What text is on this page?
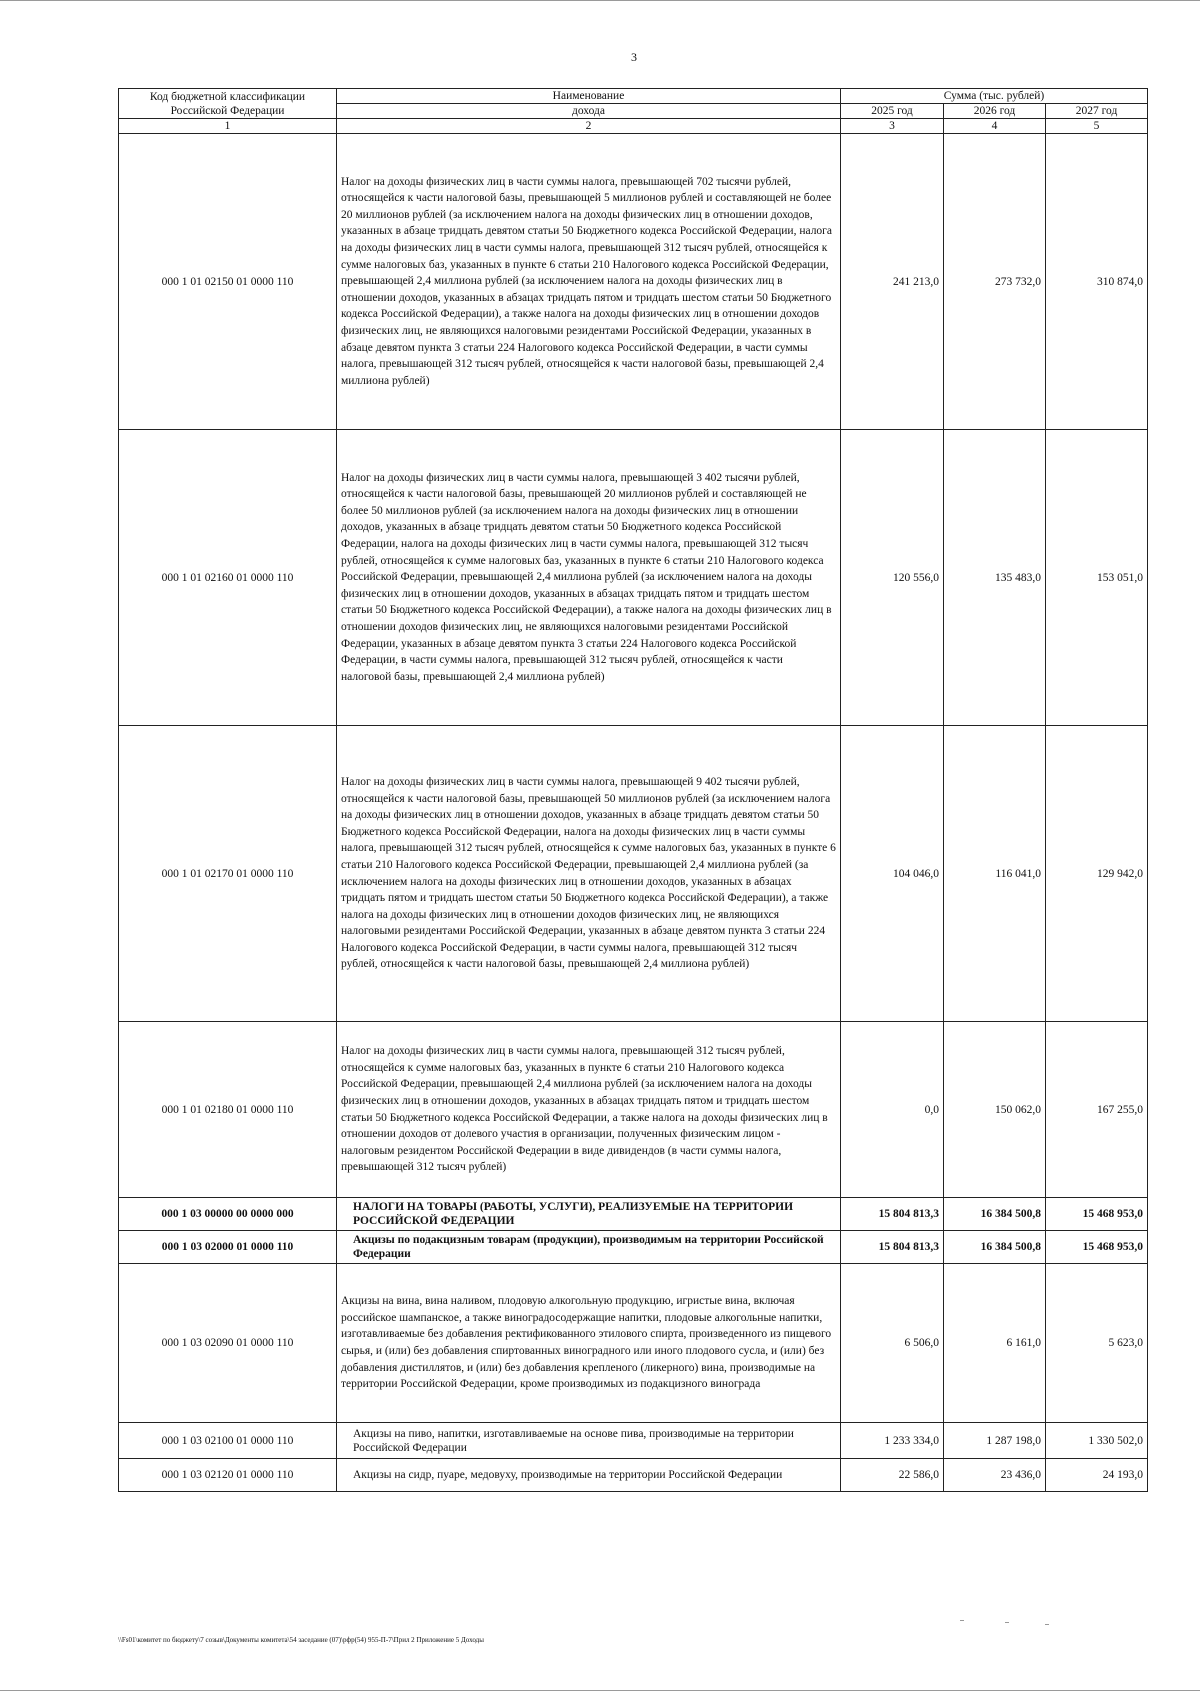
3
Код бюджетной классификации Российской Федерации	Наименование	Сумма (тыс. рублей)		
	дохода	2025 год	2026 год	2027 год
1	2	3	4	5
000 1 01 02150 01 0000 110	Налог на доходы физических лиц в части суммы налога, превышающей 702 тысячи рублей, относящейся к части налоговой базы, превышающей 5 миллионов рублей и составляющей не более 20 миллионов рублей (за исключением налога на доходы физических лиц в отношении доходов, указанных в абзаце тридцать девятом статьи 50 Бюджетного кодекса Российской Федерации, налога на доходы физических лиц в части суммы налога, превышающей 312 тысяч рублей, относящейся к сумме налоговых баз, указанных в пункте 6 статьи 210 Налогового кодекса Российской Федерации, превышающей 2,4 миллиона рублей (за исключением налога на доходы физических лиц в отношении доходов, указанных в абзацах тридцать пятом и тридцать шестом статьи 50 Бюджетного кодекса Российской Федерации), а также налога на доходы физических лиц в отношении доходов физических лиц, не являющихся налоговыми резидентами Российской Федерации, указанных в абзаце девятом пункта 3 статьи 224 Налогового кодекса Российской Федерации, в части суммы налога, превышающей 312 тысяч рублей, относящейся к части налоговой базы, превышающей 2,4 миллиона рублей)	241 213,0	273 732,0	310 874,0
000 1 01 02160 01 0000 110	Налог на доходы физических лиц в части суммы налога, превышающей 3 402 тысячи рублей, относящейся к части налоговой базы, превышающей 20 миллионов рублей и составляющей не более 50 миллионов рублей (за исключением налога на доходы физических лиц в отношении доходов, указанных в абзаце тридцать девятом статьи 50 Бюджетного кодекса Российской Федерации, налога на доходы физических лиц в части суммы налога, превышающей 312 тысяч рублей, относящейся к сумме налоговых баз, указанных в пункте 6 статьи 210 Налогового кодекса Российской Федерации, превышающей 2,4 миллиона рублей (за исключением налога на доходы физических лиц в отношении доходов, указанных в абзацах тридцать пятом и тридцать шестом статьи 50 Бюджетного кодекса Российской Федерации), а также налога на доходы физических лиц в отношении доходов физических лиц, не являющихся налоговыми резидентами Российской Федерации, указанных в абзаце девятом пункта 3 статьи 224 Налогового кодекса Российской Федерации, в части суммы налога, превышающей 312 тысяч рублей, относящейся к части налоговой базы, превышающей 2,4 миллиона рублей)	120 556,0	135 483,0	153 051,0
000 1 01 02170 01 0000 110	Налог на доходы физических лиц в части суммы налога, превышающей 9 402 тысячи рублей, относящейся к части налоговой базы, превышающей 50 миллионов рублей (за исключением налога на доходы физических лиц в отношении доходов, указанных в абзаце тридцать девятом статьи 50 Бюджетного кодекса Российской Федерации, налога на доходы физических лиц в части суммы налога, превышающей 312 тысяч рублей, относящейся к сумме налоговых баз, указанных в пункте 6 статьи 210 Налогового кодекса Российской Федерации, превышающей 2,4 миллиона рублей (за исключением налога на доходы физических лиц в отношении доходов, указанных в абзацах тридцать пятом и тридцать шестом статьи 50 Бюджетного кодекса Российской Федерации), а также налога на доходы физических лиц в отношении доходов физических лиц, не являющихся налоговыми резидентами Российской Федерации, указанных в абзаце девятом пункта 3 статьи 224 Налогового кодекса Российской Федерации, в части суммы налога, превышающей 312 тысяч рублей, относящейся к части налоговой базы, превышающей 2,4 миллиона рублей)	104 046,0	116 041,0	129 942,0
000 1 01 02180 01 0000 110	Налог на доходы физических лиц в части суммы налога, превышающей 312 тысяч рублей, относящейся к сумме налоговых баз, указанных в пункте 6 статьи 210 Налогового кодекса Российской Федерации, превышающей 2,4 миллиона рублей (за исключением налога на доходы физических лиц в отношении доходов, указанных в абзацах тридцать пятом и тридцать шестом статьи 50 Бюджетного кодекса Российской Федерации, а также налога на доходы физических лиц в отношении доходов от долевого участия в организации, полученных физическим лицом - налоговым резидентом Российской Федерации в виде дивидендов (в части суммы налога, превышающей 312 тысяч рублей)	0,0	150 062,0	167 255,0
000 1 03 00000 00 0000 000	НАЛОГИ НА ТОВАРЫ (РАБОТЫ, УСЛУГИ), РЕАЛИЗУЕМЫЕ НА ТЕРРИТОРИИ РОССИЙСКОЙ ФЕДЕРАЦИИ	15 804 813,3	16 384 500,8	15 468 953,0
000 1 03 02000 01 0000 110	Акцизы по подакцизным товарам (продукции), производимым на территории Российской Федерации	15 804 813,3	16 384 500,8	15 468 953,0
000 1 03 02090 01 0000 110	Акцизы на вина, вина наливом, плодовую алкогольную продукцию, игристые вина, включая российское шампанское, а также виноградосодержащие напитки, плодовые алкогольные напитки, изготавливаемые без добавления ректификованного этилового спирта, произведенного из пищевого сырья, и (или) без добавления спиртованных виноградного или иного плодового сусла, и (или) без добавления дистиллятов, и (или) без добавления крепленого (ликерного) вина, производимые на территории Российской Федерации, кроме производимых из подакцизного винограда	6 506,0	6 161,0	5 623,0
000 1 03 02100 01 0000 110	Акцизы на пиво, напитки, изготавливаемые на основе пива, производимые на территории Российской Федерации	1 233 334,0	1 287 198,0	1 330 502,0
000 1 03 02120 01 0000 110	Акцизы на сидр, пуаре, медовуху, производимые на территории Российской Федерации	22 586,0	23 436,0	24 193,0
\\Fs01\комитет по бюджету\7 созыв\Документы комитета\54 заседание (07)\рфр(54) 955-П-7\Прил 2 Приложение 5 Доходы
